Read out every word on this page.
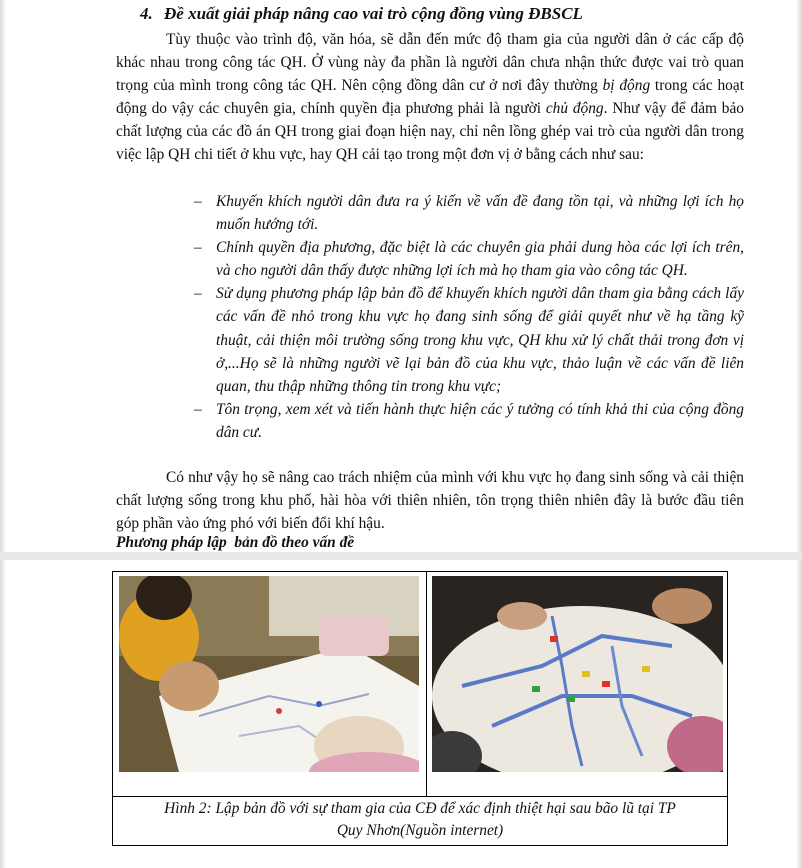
4. Đề xuất giải pháp nâng cao vai trò cộng đồng vùng ĐBSCL
Tùy thuộc vào trình độ, văn hóa, sẽ dẫn đến mức độ tham gia của người dân ở các cấp độ khác nhau trong công tác QH. Ở vùng này đa phần là người dân chưa nhận thức được vai trò quan trọng của mình trong công tác QH. Nên cộng đồng dân cư ở nơi đây thường bị động trong các hoạt động do vậy các chuyên gia, chính quyền địa phương phải là người chủ động. Như vậy để đảm bảo chất lượng của các đồ án QH trong giai đoạn hiện nay, chỉ nên lồng ghép vai trò của người dân trong việc lập QH chi tiết ở khu vực, hay QH cải tạo trong một đơn vị ở bằng cách như sau:
– Khuyến khích người dân đưa ra ý kiến về vấn đề đang tồn tại, và những lợi ích họ muốn hướng tới.
– Chính quyền địa phương, đặc biệt là các chuyên gia phải dung hòa các lợi ích trên, và cho người dân thấy được những lợi ích mà họ tham gia vào công tác QH.
– Sử dụng phương pháp lập bản đồ để khuyến khích người dân tham gia bằng cách lấy các vấn đề nhỏ trong khu vực họ đang sinh sống để giải quyết như về hạ tầng kỹ thuật, cải thiện môi trường sống trong khu vực, QH khu xử lý chất thải trong đơn vị ở,...Họ sẽ là những người vẽ lại bản đồ của khu vực, thảo luận về các vấn đề liên quan, thu thập những thông tin trong khu vực;
– Tôn trọng, xem xét và tiến hành thực hiện các ý tưởng có tính khả thi của cộng đồng dân cư.
Có như vậy họ sẽ nâng cao trách nhiệm của mình với khu vực họ đang sinh sống và cải thiện chất lượng sống trong khu phố, hài hòa với thiên nhiên, tôn trọng thiên nhiên đây là bước đầu tiên góp phần vào ứng phó với biến đổi khí hậu.
Phương pháp lập  bản đồ theo vấn đề
Hình 2: Lập bản đồ với sự tham gia của CĐ để xác định thiệt hại sau bão lũ tại TP
Quy Nhơn(Nguồn internet)
